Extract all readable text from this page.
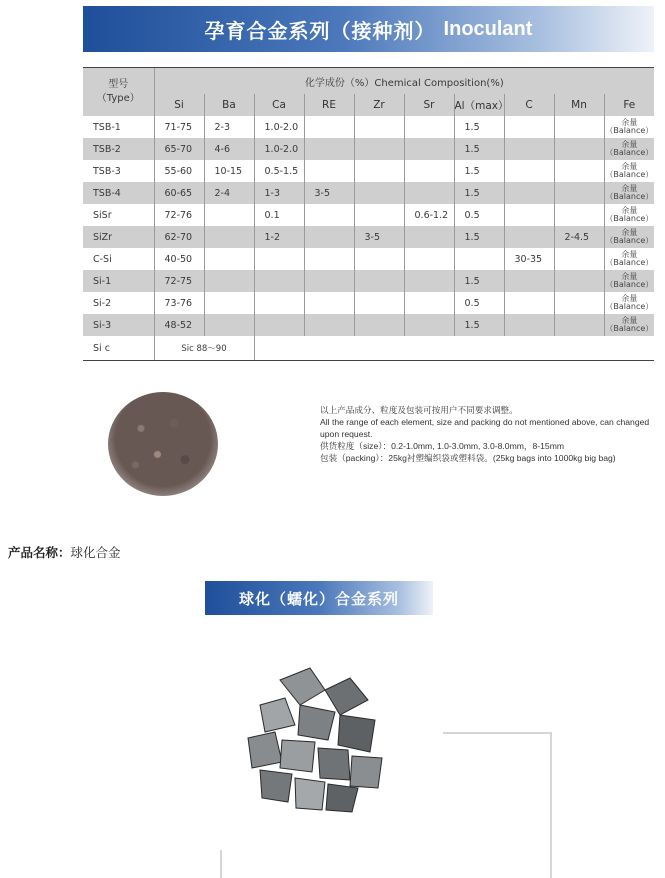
孕育合金系列（接种剂） Inoculant
型号
（Type）	化学成份（%）Chemical Composition(%)									
	Si	Ba	Ca	RE	Zr	Sr	Al（max）	C	Mn	Fe
TSB-1	71-75	2-3	1.0-2.0				1.5			余量
（Balance）

TSB-2	65-70	4-6	1.0-2.0				1.5			余量
（Balance）

TSB-3	55-60	10-15	0.5-1.5				1.5			余量
（Balance）

TSB-4	60-65	2-4	1-3	3-5			1.5			余量
（Balance）

SiSr	72-76		0.1			0.6-1.2	0.5			余量
（Balance）

SiZr	62-70		1-2		3-5		1.5		2-4.5	余量
（Balance）

C-Si	40-50							30-35		余量
（Balance）

Si-1	72-75						1.5			余量
（Balance）

Si-2	73-76						0.5			余量
（Balance）

Si-3	48-52						1.5			余量
（Balance）

Si c	Sic 88～90									
以上产品成分、粒度及包装可按用户不同要求调整。
All the range of each element, size and packing do not mentioned above, can changed upon request.
供货粒度（size）：0.2-1.0mm, 1.0-3.0mm, 3.0-8.0mm，8-15mm
包装（packing）：25kg衬塑编织袋或塑料袋。(25kg bags into 1000kg big bag)
产品名称：球化合金
球化（蠕化）合金系列
